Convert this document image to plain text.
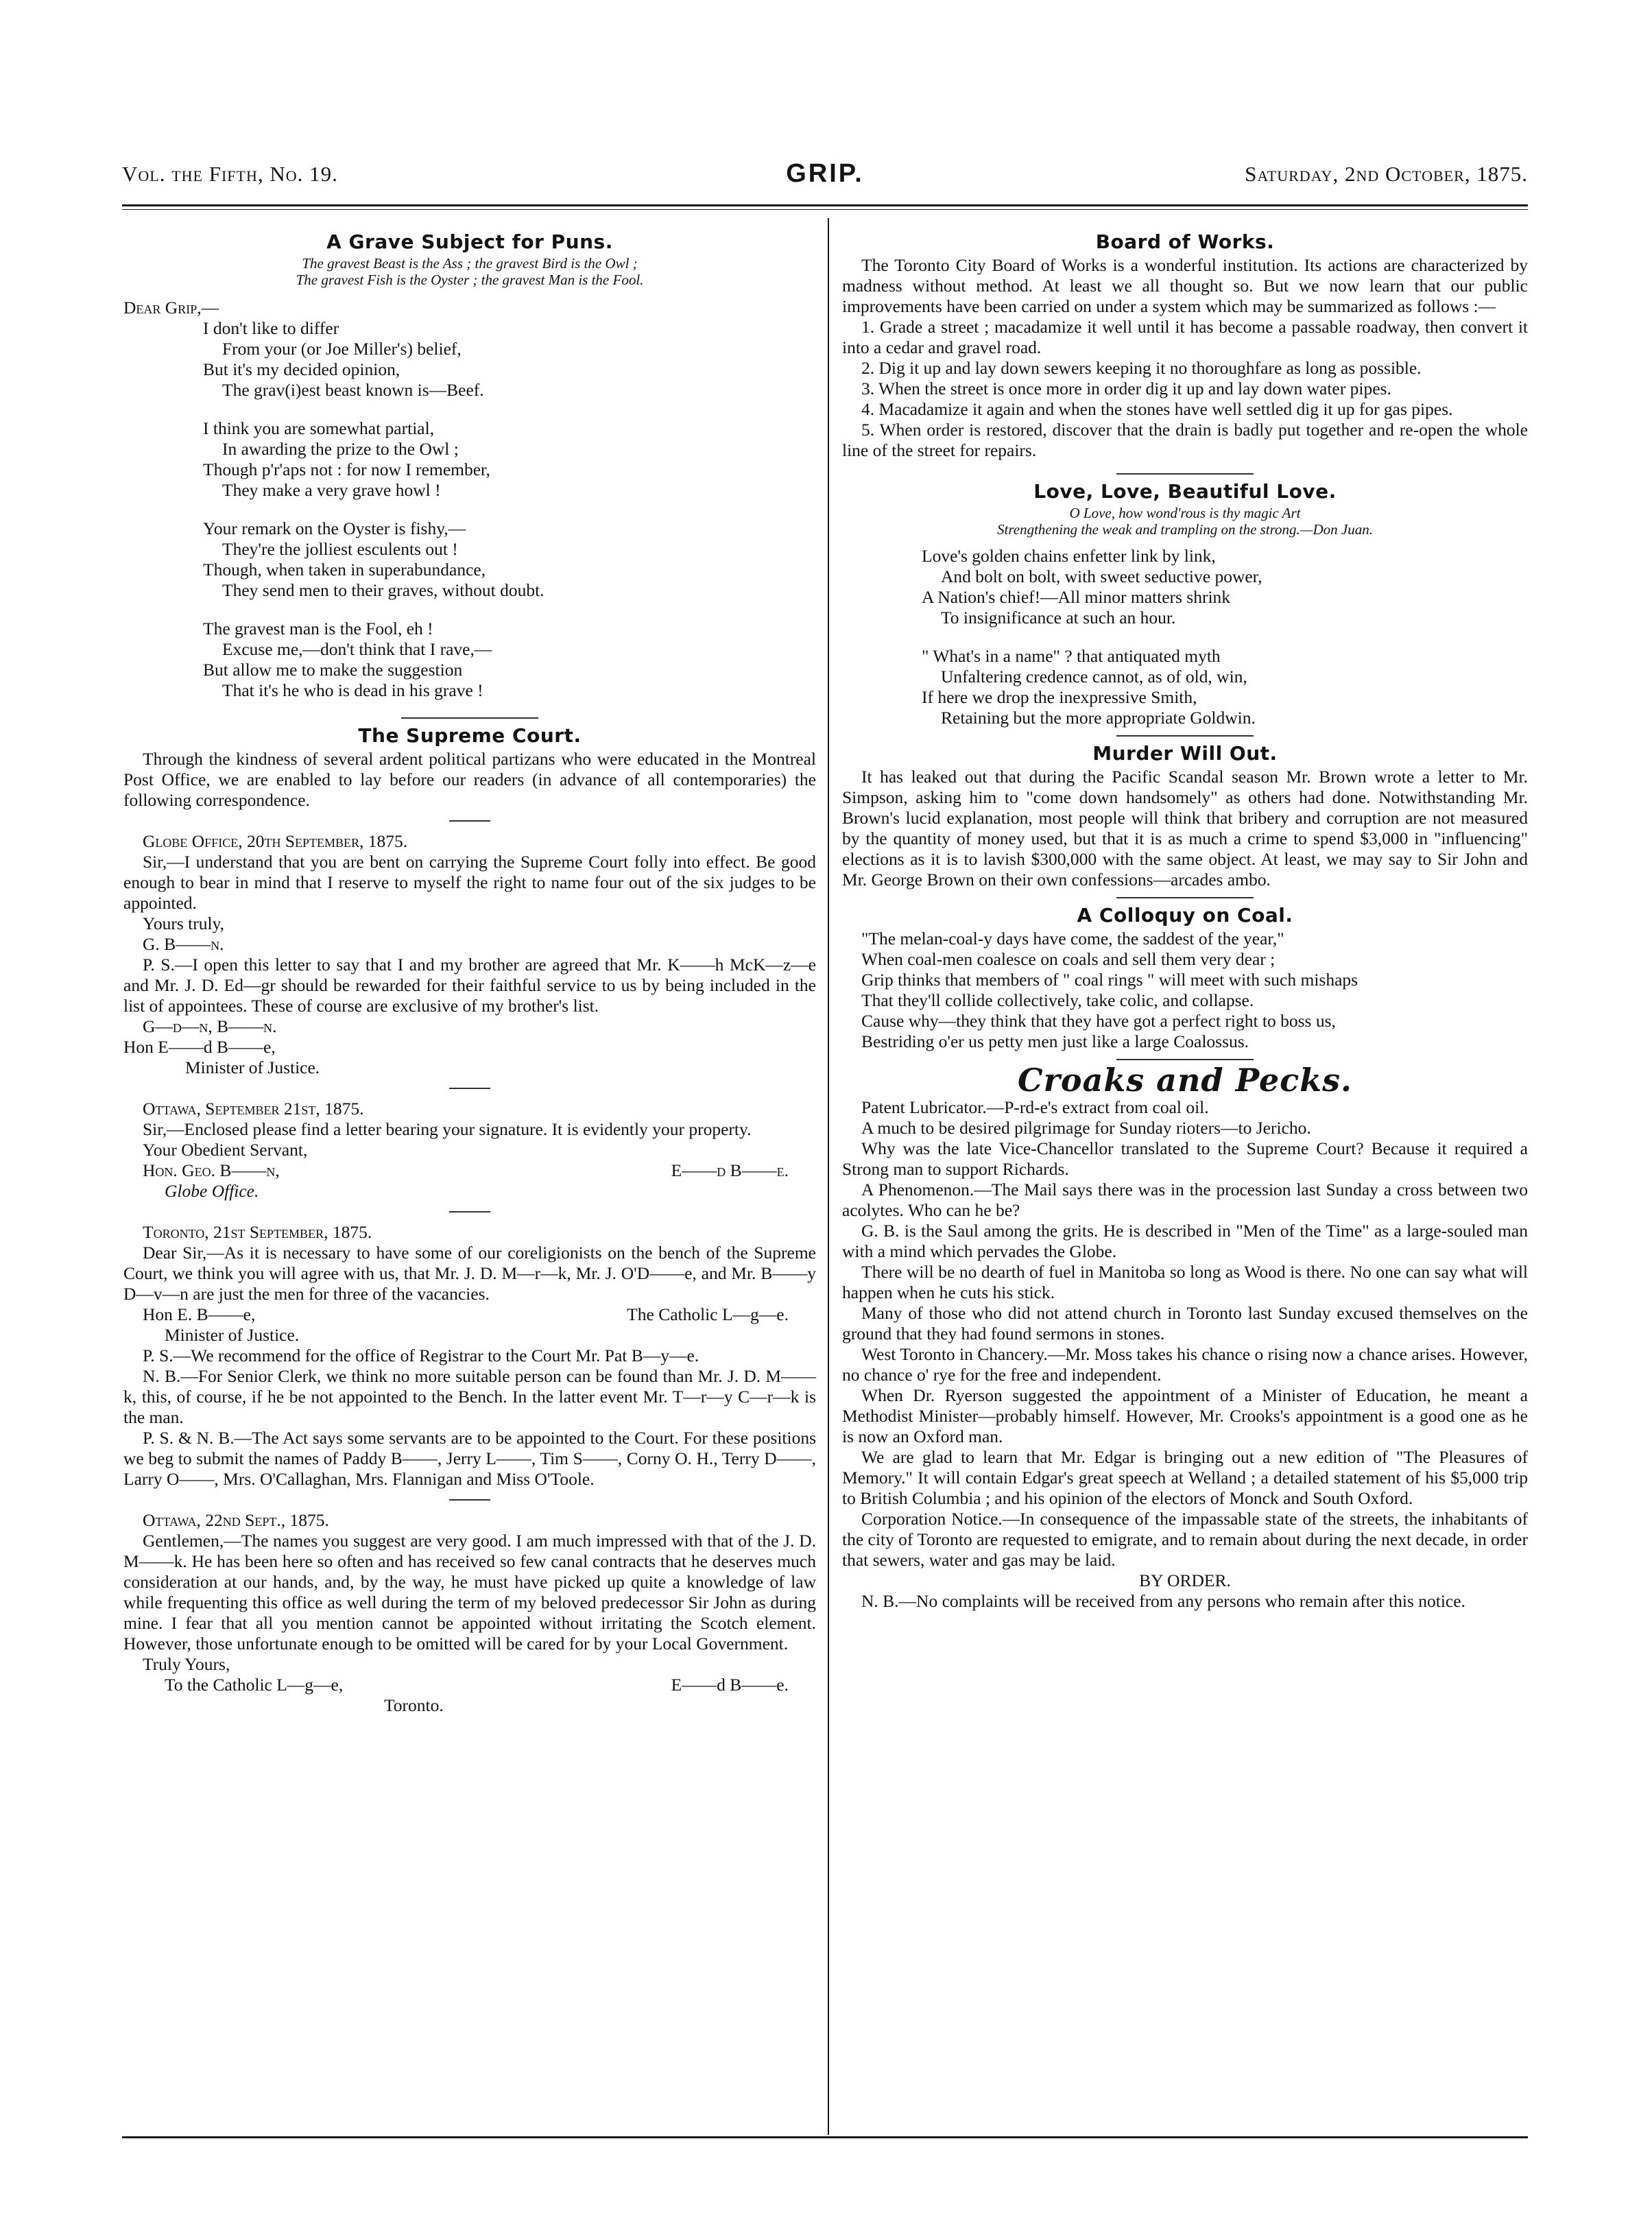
Vol. the Fifth, No. 19.	GRIP.	Saturday, 2nd October, 1875.
A Grave Subject for Puns.
The gravest Beast is the Ass ; the gravest Bird is the Owl ;
The gravest Fish is the Oyster ; the gravest Man is the Fool.

Dear Grip,—

I don't like to differ
From your (or Joe Miller's) belief,
But it's my decided opinion,
The grav(i)est beast known is—Beef.
I think you are somewhat partial,
In awarding the prize to the Owl ;
Though p'r'aps not : for now I remember,
They make a very grave howl !
Your remark on the Oyster is fishy,—
They're the jolliest esculents out !
Though, when taken in superabundance,
They send men to their graves, without doubt.
The gravest man is the Fool, eh !
Excuse me,—don't think that I rave,—
But allow me to make the suggestion
That it's he who is dead in his grave !
The Supreme Court.

Through the kindness of several ardent political partizans who were educated in the Montreal Post Office, we are enabled to lay before our readers (in advance of all contemporaries) the following correspondence.

Globe Office, 20th September, 1875.

Sir,—I understand that you are bent on carrying the Supreme Court folly into effect. Be good enough to bear in mind that I reserve to myself the right to name four out of the six judges to be appointed.

Yours truly,

G. B——n.

P. S.—I open this letter to say that I and my brother are agreed that Mr. K——h McK—z—e and Mr. J. D. Ed—gr should be rewarded for their faithful service to us by being included in the list of appointees. These of course are exclusive of my brother's list.

G—d—n, B——n.

Hon E——d B——e,

Minister of Justice.

Ottawa, September 21st, 1875.

Sir,—Enclosed please find a letter bearing your signature. It is evidently your property.

Your Obedient Servant,

Hon. Geo. B——n,	E——d B——e.

Globe Office.

Toronto, 21st September, 1875.

Dear Sir,—As it is necessary to have some of our coreligionists on the bench of the Supreme Court, we think you will agree with us, that Mr. J. D. M—r—k, Mr. J. O'D——e, and Mr. B——y D—v—n are just the men for three of the vacancies.

Hon E. B——e,	The Catholic L—g—e.

Minister of Justice.

P. S.—We recommend for the office of Registrar to the Court Mr. Pat B—y—e.

N. B.—For Senior Clerk, we think no more suitable person can be found than Mr. J. D. M——k, this, of course, if he be not appointed to the Bench. In the latter event Mr. T—r—y C—r—k is the man.

P. S. & N. B.—The Act says some servants are to be appointed to the Court. For these positions we beg to submit the names of Paddy B——, Jerry L——, Tim S——, Corny O. H., Terry D——, Larry O——, Mrs. O'Callaghan, Mrs. Flannigan and Miss O'Toole.

Ottawa, 22nd Sept., 1875.

Gentlemen,—The names you suggest are very good. I am much impressed with that of the J. D. M——k. He has been here so often and has received so few canal contracts that he deserves much consideration at our hands, and, by the way, he must have picked up quite a knowledge of law while frequenting this office as well during the term of my beloved predecessor Sir John as during mine. I fear that all you mention cannot be appointed without irritating the Scotch element. However, those unfortunate enough to be omitted will be cared for by your Local Government.

Truly Yours,

To the Catholic L—g—e,	E——d B——e.

Toronto.

Board of Works.

The Toronto City Board of Works is a wonderful institution. Its actions are characterized by madness without method. At least we all thought so. But we now learn that our public improvements have been carried on under a system which may be summarized as follows :—

1. Grade a street ; macadamize it well until it has become a passable roadway, then convert it into a cedar and gravel road.

2. Dig it up and lay down sewers keeping it no thoroughfare as long as possible.

3. When the street is once more in order dig it up and lay down water pipes.

4. Macadamize it again and when the stones have well settled dig it up for gas pipes.

5. When order is restored, discover that the drain is badly put together and re-open the whole line of the street for repairs.

Love, Love, Beautiful Love.
O Love, how wond'rous is thy magic Art
Strengthening the weak and trampling on the strong.—Don Juan.
Love's golden chains enfetter link by link,
And bolt on bolt, with sweet seductive power,
A Nation's chief!—All minor matters shrink
To insignificance at such an hour.
" What's in a name" ? that antiquated myth
Unfaltering credence cannot, as of old, win,
If here we drop the inexpressive Smith,
Retaining but the more appropriate Goldwin.
Murder Will Out.

It has leaked out that during the Pacific Scandal season Mr. Brown wrote a letter to Mr. Simpson, asking him to "come down handsomely" as others had done. Notwithstanding Mr. Brown's lucid explanation, most people will think that bribery and corruption are not measured by the quantity of money used, but that it is as much a crime to spend $3,000 in "influencing" elections as it is to lavish $300,000 with the same object. At least, we may say to Sir John and Mr. George Brown on their own confessions—arcades ambo.

A Colloquy on Coal.

"The melan-coal-y days have come, the saddest of the year,"

When coal-men coalesce on coals and sell them very dear ;

Grip thinks that members of " coal rings " will meet with such mishaps

That they'll collide collectively, take colic, and collapse.

Cause why—they think that they have got a perfect right to boss us,

Bestriding o'er us petty men just like a large Coalossus.

Croaks and Pecks.

Patent Lubricator.—P-rd-e's extract from coal oil.

A much to be desired pilgrimage for Sunday rioters—to Jericho.

Why was the late Vice-Chancellor translated to the Supreme Court? Because it required a Strong man to support Richards.

A Phenomenon.—The Mail says there was in the procession last Sunday a cross between two acolytes. Who can he be?

G. B. is the Saul among the grits. He is described in "Men of the Time" as a large-souled man with a mind which pervades the Globe.

There will be no dearth of fuel in Manitoba so long as Wood is there. No one can say what will happen when he cuts his stick.

Many of those who did not attend church in Toronto last Sunday excused themselves on the ground that they had found sermons in stones.

West Toronto in Chancery.—Mr. Moss takes his chance o rising now a chance arises. However, no chance o' rye for the free and independent.

When Dr. Ryerson suggested the appointment of a Minister of Education, he meant a Methodist Minister—probably himself. However, Mr. Crooks's appointment is a good one as he is now an Oxford man.

We are glad to learn that Mr. Edgar is bringing out a new edition of "The Pleasures of Memory." It will contain Edgar's great speech at Welland ; a detailed statement of his $5,000 trip to British Columbia ; and his opinion of the electors of Monck and South Oxford.

Corporation Notice.—In consequence of the impassable state of the streets, the inhabitants of the city of Toronto are requested to emigrate, and to remain about during the next decade, in order that sewers, water and gas may be laid.

BY ORDER.

N. B.—No complaints will be received from any persons who remain after this notice.
